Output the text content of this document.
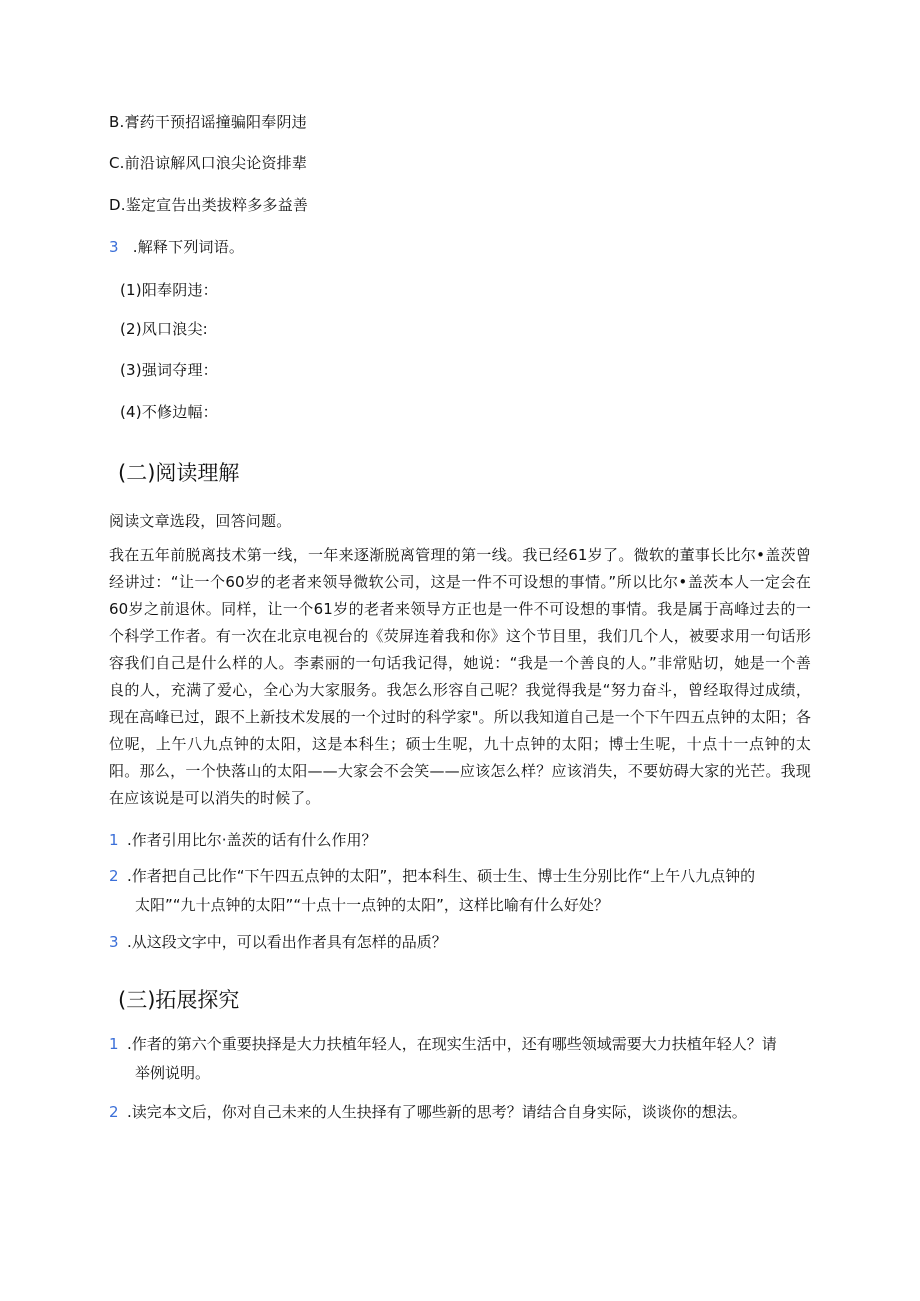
B.膏药干预招谣撞骗阳奉阴违
C.前沿谅解风口浪尖论资排辈
D.鉴定宣告出类拔粹多多益善
3 .解释下列词语。
(1)阳奉阴违：
(2)风口浪尖:
(3)强词夺理：
(4)不修边幅：
(二)阅读理解
阅读文章选段，回答问题。
我在五年前脱离技术第一线，一年来逐渐脱离管理的第一线。我已经61岁了。微软的董事长比尔•盖茨曾经讲过：“让一个60岁的老者来领导微软公司，这是一件不可设想的事情。”所以比尔•盖茨本人一定会在60岁之前退休。同样，让一个61岁的老者来领导方正也是一件不可设想的事情。我是属于高峰过去的一个科学工作者。有一次在北京电视台的《荧屏连着我和你》这个节目里，我们几个人，被要求用一句话形容我们自己是什么样的人。李素丽的一句话我记得，她说：“我是一个善良的人。”非常贴切，她是一个善良的人，充满了爱心，全心为大家服务。我怎么形容自己呢？我觉得我是“努力奋斗，曾经取得过成绩，现在高峰已过，跟不上新技术发展的一个过时的科学家"。所以我知道自己是一个下午四五点钟的太阳；各位呢，上午八九点钟的太阳，这是本科生；硕士生呢，九十点钟的太阳；博士生呢，十点十一点钟的太阳。那么，一个快落山的太阳——大家会不会笑——应该怎么样？应该消失，不要妨碍大家的光芒。我现在应该说是可以消失的时候了。
1 .作者引用比尔·盖茨的话有什么作用？
2 .作者把自己比作“下午四五点钟的太阳”，把本科生、硕士生、博士生分别比作“上午八九点钟的
太阳”“九十点钟的太阳”“十点十一点钟的太阳”，这样比喻有什么好处？
3 .从这段文字中，可以看出作者具有怎样的品质？
(三)拓展探究
1 .作者的第六个重要抉择是大力扶植年轻人，在现实生活中，还有哪些领域需要大力扶植年轻人？请
举例说明。
2 .读完本文后，你对自己未来的人生抉择有了哪些新的思考？请结合自身实际，谈谈你的想法。
